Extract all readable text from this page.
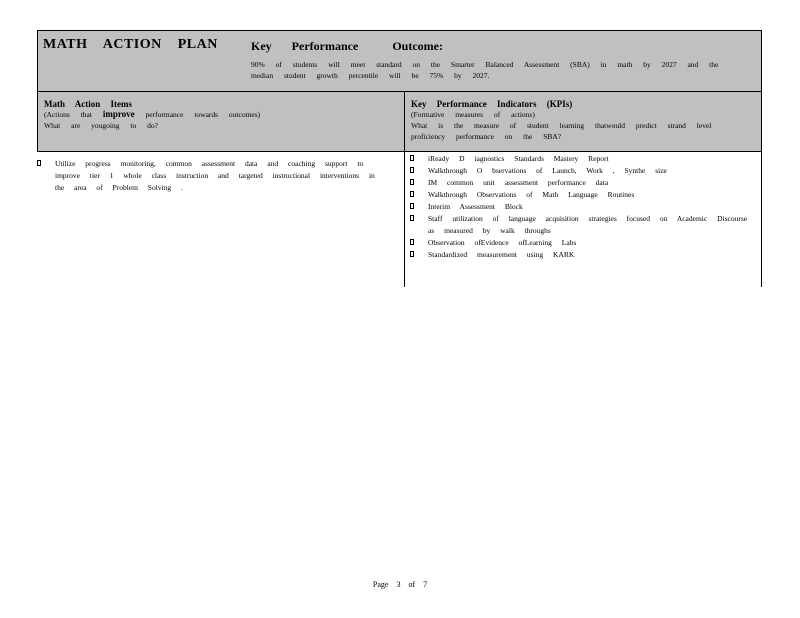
Key Performance	Outcome:
90% of students will meet standard on the Smarter Balanced Assessment (SBA) in math by 2027 and the median student growth percentile will be 75% by 2027.
MATH ACTION PLAN
Math Action Items
(Actions that improve performance towards outcomes)
What are yougoing to do?
Key Performance Indicators (KPIs)
(Formative measures of actions)
What is the measure of student learning thatwould predict strand level proficiency performance on the SBA?
Utilize progress monitoring, common assessment data and coaching support to improve tier 1 whole class instruction and targeted instructional interventions in the area of Problem Solving .
iReady D iagnostics Standards Mastery Report
Walkthrough O bservations of Launch, Work , Synthe size
IM common unit assessment performance data
Walkthrough Observations of Math Language Routines
Interim Assessment Block
Staff utilization of language acquisition strategies focused on Academic Discourse as measured by walk throughs
Observation ofEvidence ofLearning Labs
Standardized measurement using KARK
Page 3 of 7
